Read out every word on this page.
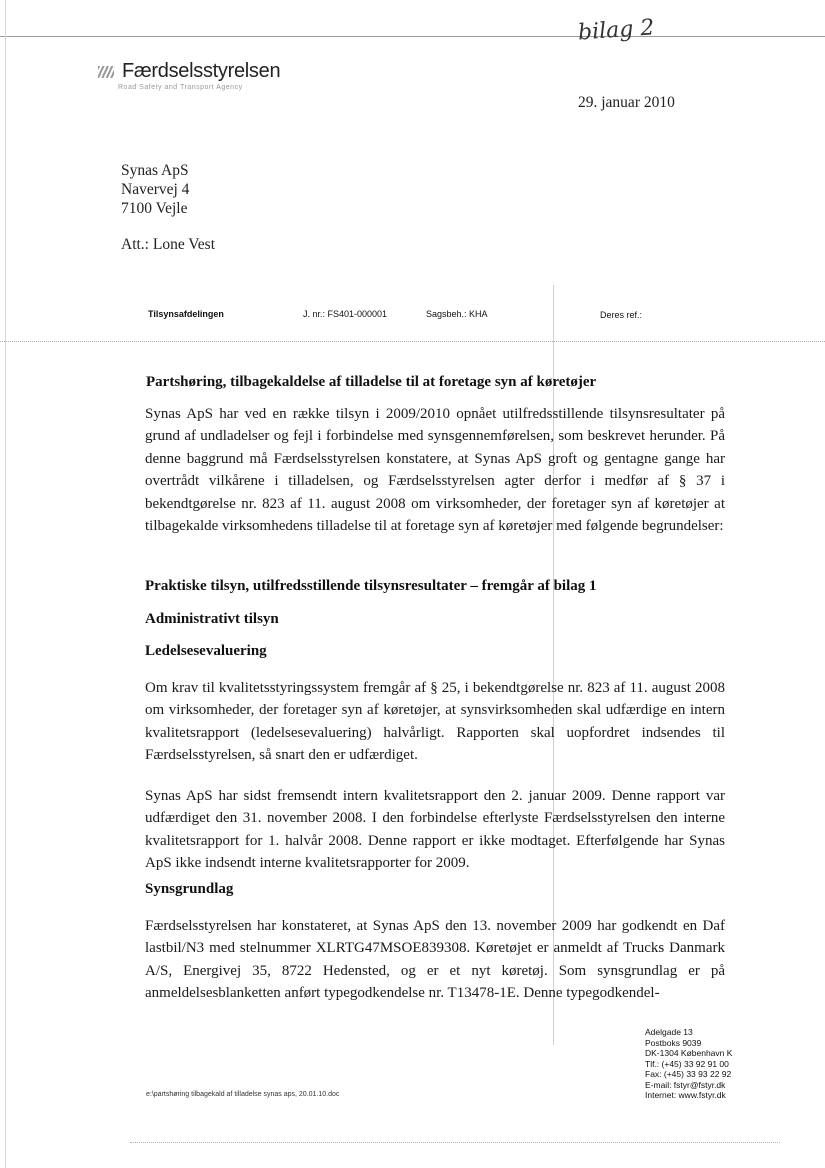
bilag 2
Færdselsstyrelsen
Road Safety and Transport Agency
29. januar 2010
Synas ApS
Navervej 4
7100 Vejle
Att.: Lone Vest
Tilsynsafdelingen	J. nr.: FS401-000001	Sagsbeh.: KHA	Deres ref.:
Partshøring, tilbagekaldelse af tilladelse til at foretage syn af køretøjer
Synas ApS har ved en række tilsyn i 2009/2010 opnået utilfredsstillende tilsynsresultater på grund af undladelser og fejl i forbindelse med synsgennemførelsen, som beskrevet herunder. På denne baggrund må Færdselsstyrelsen konstatere, at Synas ApS groft og gentagne gange har overtrådt vilkårene i tilladelsen, og Færdselsstyrelsen agter derfor i medfør af § 37 i bekendtgørelse nr. 823 af 11. august 2008 om virksomheder, der foretager syn af køretøjer at tilbagekalde virksomhedens tilladelse til at foretage syn af køretøjer med følgende begrundelser:
Praktiske tilsyn, utilfredsstillende tilsynsresultater – fremgår af bilag 1
Administrativt tilsyn
Ledelsesevaluering
Om krav til kvalitetsstyringssystem fremgår af § 25, i bekendtgørelse nr. 823 af 11. august 2008 om virksomheder, der foretager syn af køretøjer, at synsvirksomheden skal udfærdige en intern kvalitetsrapport (ledelsesevaluering) halvårligt. Rapporten skal uopfordret indsendes til Færdselsstyrelsen, så snart den er udfærdiget.
Synas ApS har sidst fremsendt intern kvalitetsrapport den 2. januar 2009. Denne rapport var udfærdiget den 31. november 2008. I den forbindelse efterlyste Færdselsstyrelsen den interne kvalitetsrapport for 1. halvår 2008. Denne rapport er ikke modtaget. Efterfølgende har Synas ApS ikke indsendt interne kvalitetsrapporter for 2009.
Synsgrundlag
Færdselsstyrelsen har konstateret, at Synas ApS den 13. november 2009 har godkendt en Daf lastbil/N3 med stelnummer XLRTG47MSOE839308. Køretøjet er anmeldt af Trucks Danmark A/S, Energivej 35, 8722 Hedensted, og er et nyt køretøj. Som synsgrundlag er på anmeldelsesblanketten anført typegodkendelse nr. T13478-1E. Denne typegodkendel-
e:\partshøring tilbagekald af tilladelse synas aps, 20.01.10.doc
Adelgade 13
Postboks 9039
DK-1304 København K
Tlf.: (+45) 33 92 91 00
Fax: (+45) 33 93 22 92
E-mail: fstyr@fstyr.dk
Internet: www.fstyr.dk
